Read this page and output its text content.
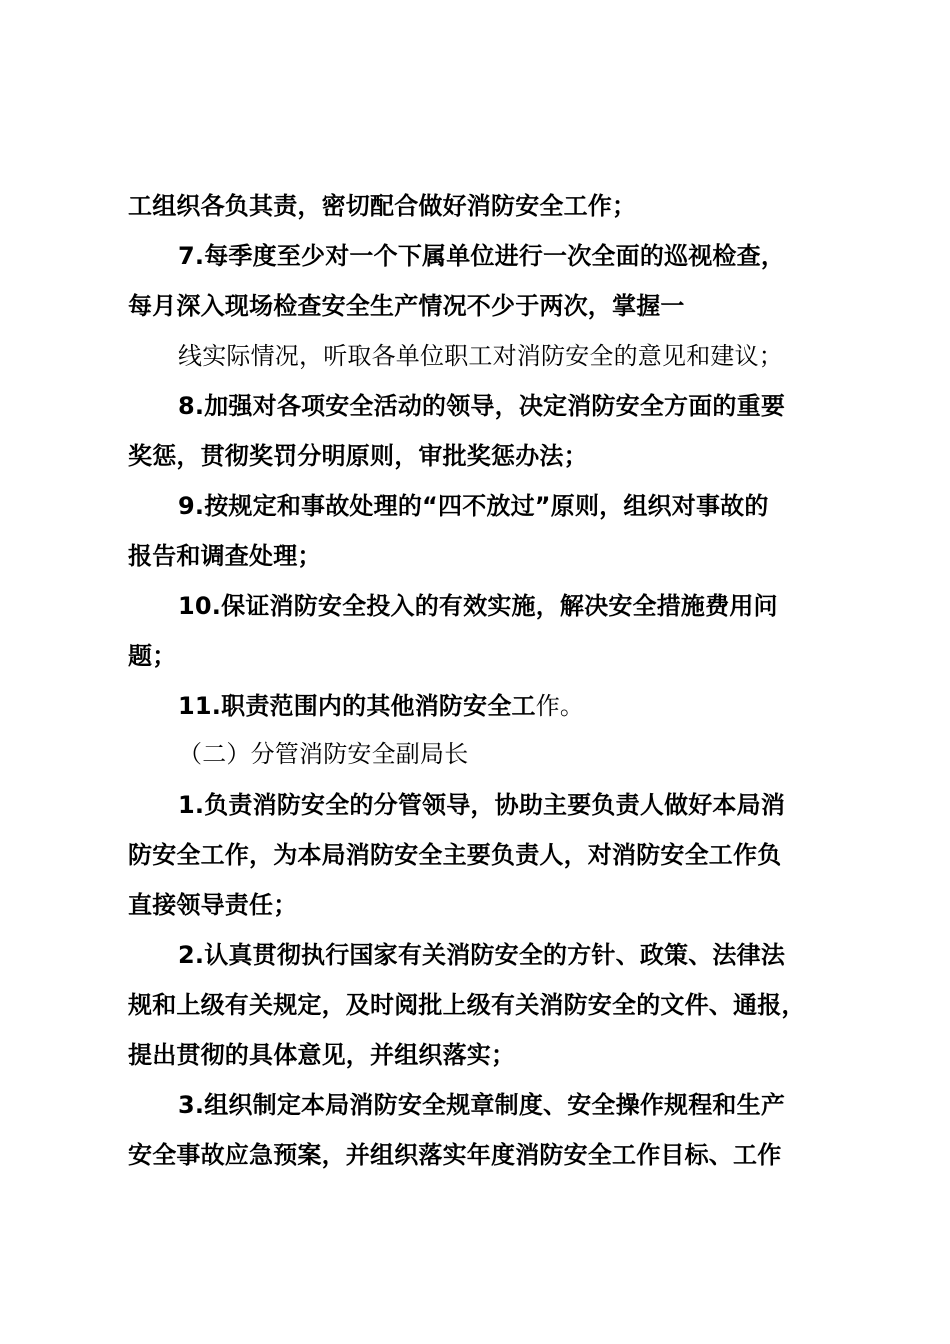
工组织各负其责，密切配合做好消防安全工作；
7.每季度至少对一个下属单位进行一次全面的巡视检查，
每月深入现场检查安全生产情况不少于两次，掌握一
线实际情况，听取各单位职工对消防安全的意见和建议；
8.加强对各项安全活动的领导，决定消防安全方面的重要
奖惩，贯彻奖罚分明原则，审批奖惩办法；
9.按规定和事故处理的“四不放过”原则，组织对事故的
报告和调查处理；
10.保证消防安全投入的有效实施，解决安全措施费用问
题；
11.职责范围内的其他消防安全工作。
（二）分管消防安全副局长
1.负责消防安全的分管领导，协助主要负责人做好本局消
防安全工作，为本局消防安全主要负责人，对消防安全工作负
直接领导责任；
2.认真贯彻执行国家有关消防安全的方针、政策、法律法
规和上级有关规定，及时阅批上级有关消防安全的文件、通报，
提出贯彻的具体意见，并组织落实；
3.组织制定本局消防安全规章制度、安全操作规程和生产
安全事故应急预案，并组织落实年度消防安全工作目标、工作
